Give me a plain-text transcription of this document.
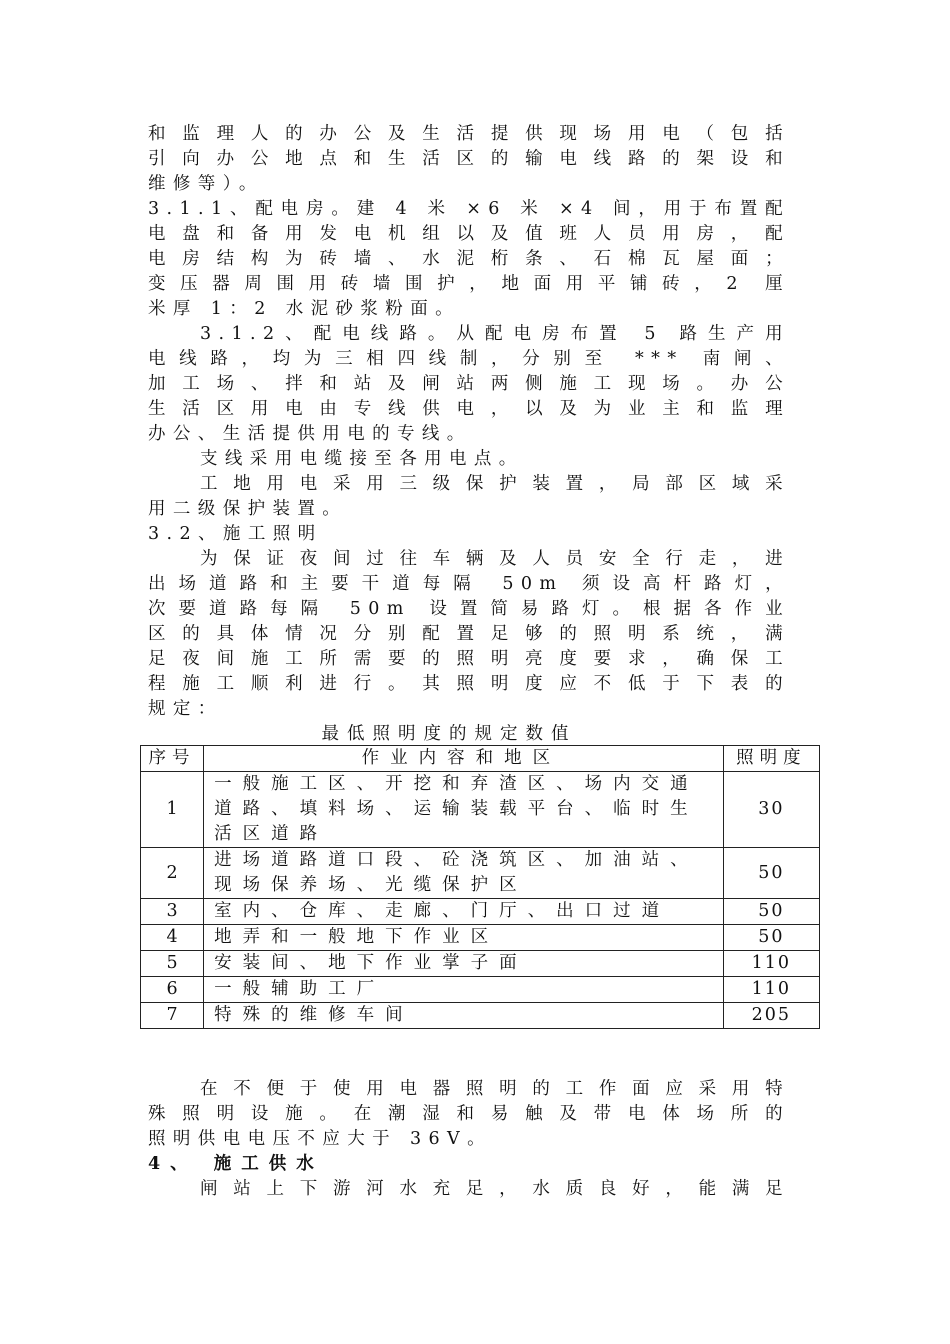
和监理人的办公及生活提供现场用电（包括

引向办公地点和生活区的输电线路的架设和

维修等）。

3.1.1、配电房。建 4 米 ×6 米 ×4 间，用于布置配

电盘和备用发电机组以及值班人员用房，配

电房结构为砖墙、水泥桁条、石棉瓦屋面；

变压器周围用砖墙围护，地面用平铺砖，2 厘

米厚 1：2 水泥砂浆粉面。

3.1.2、配电线路。从配电房布置 5 路生产用

电线路，均为三相四线制，分别至 *** 南闸、

加工场、拌和站及闸站两侧施工现场。办公

生活区用电由专线供电，以及为业主和监理

办公、生活提供用电的专线。

支线采用电缆接至各用电点。

工地用电采用三级保护装置，局部区域采

用二级保护装置。

3.2、施工照明

为保证夜间过往车辆及人员安全行走，进

出场道路和主要干道每隔 50m 须设高杆路灯，

次要道路每隔 50m 设置简易路灯。根据各作业

区的具体情况分别配置足够的照明系统，满

足夜间施工所需要的照明亮度要求，确保工

程施工顺利进行。其照明度应不低于下表的

规定：

最低照明度的规定数值

序号	作业内容和地区	照明度
1	一般施工区、开挖和弃渣区、场内交通道路、填料场、运输装载平台、临时生活区道路	30
2	进场道路道口段、砼浇筑区、加油站、现场保养场、光缆保护区	50
3	室内、仓库、走廊、门厅、出口过道	50
4	地弄和一般地下作业区	50
5	安装间、地下作业掌子面	110
6	一般辅助工厂	110
7	特殊的维修车间	205

在不便于使用电器照明的工作面应采用特

殊照明设施。在潮湿和易触及带电体场所的

照明供电电压不应大于 36V。

4、 施工供水

闸站上下游河水充足，水质良好，能满足
